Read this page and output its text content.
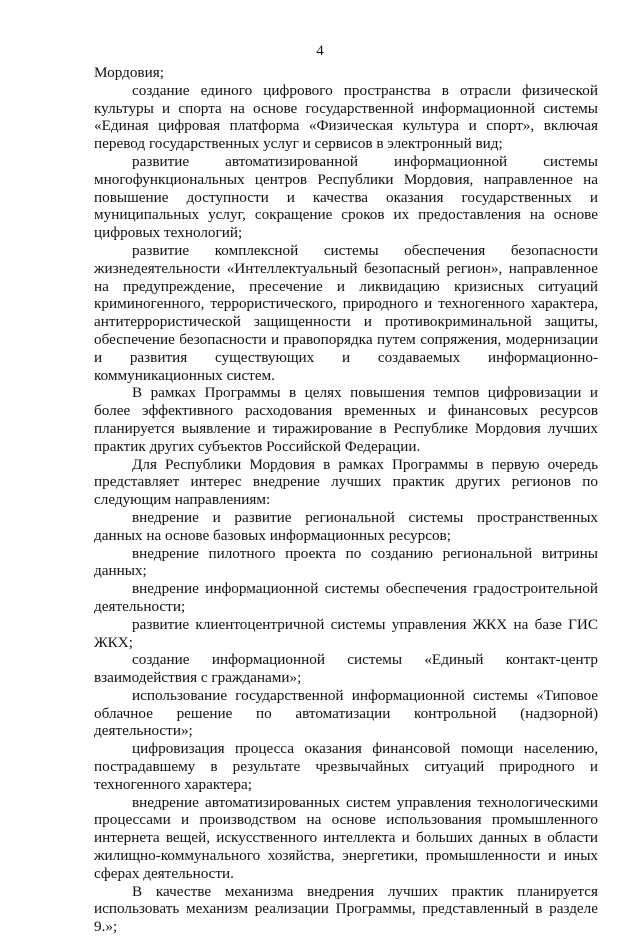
4

Мордовия;

создание единого цифрового пространства в отрасли физической культуры и спорта на основе государственной информационной системы «Единая цифровая платформа «Физическая культура и спорт», включая перевод государственных услуг и сервисов в электронный вид;

развитие автоматизированной информационной системы многофункциональных центров Республики Мордовия, направленное на повышение доступности и качества оказания государственных и муниципальных услуг, сокращение сроков их предоставления на основе цифровых технологий;

развитие комплексной системы обеспечения безопасности жизнедеятельности «Интеллектуальный безопасный регион», направленное на предупреждение, пресечение и ликвидацию кризисных ситуаций криминогенного, террористического, природного и техногенного характера, антитеррористической защищенности и противокриминальной защиты, обеспечение безопасности и правопорядка путем сопряжения, модернизации и развития существующих и создаваемых информационно-коммуникационных систем.

В рамках Программы в целях повышения темпов цифровизации и более эффективного расходования временных и финансовых ресурсов планируется выявление и тиражирование в Республике Мордовия лучших практик других субъектов Российской Федерации.

Для Республики Мордовия в рамках Программы в первую очередь представляет интерес внедрение лучших практик других регионов по следующим направлениям:

внедрение и развитие региональной системы пространственных данных на основе базовых информационных ресурсов;

внедрение пилотного проекта по созданию региональной витрины данных;

внедрение информационной системы обеспечения градостроительной деятельности;

развитие клиентоцентричной системы управления ЖКХ на базе ГИС ЖКХ;

создание информационной системы «Единый контакт-центр взаимодействия с гражданами»;

использование государственной информационной системы «Типовое облачное решение по автоматизации контрольной (надзорной) деятельности»;

цифровизация процесса оказания финансовой помощи населению, пострадавшему в результате чрезвычайных ситуаций природного и техногенного характера;

внедрение автоматизированных систем управления технологическими процессами и производством на основе использования промышленного интернета вещей, искусственного интеллекта и больших данных в области жилищно-коммунального хозяйства, энергетики, промышленности и иных сферах деятельности.

В качестве механизма внедрения лучших практик планируется использовать механизм реализации Программы, представленный в разделе 9.»;
